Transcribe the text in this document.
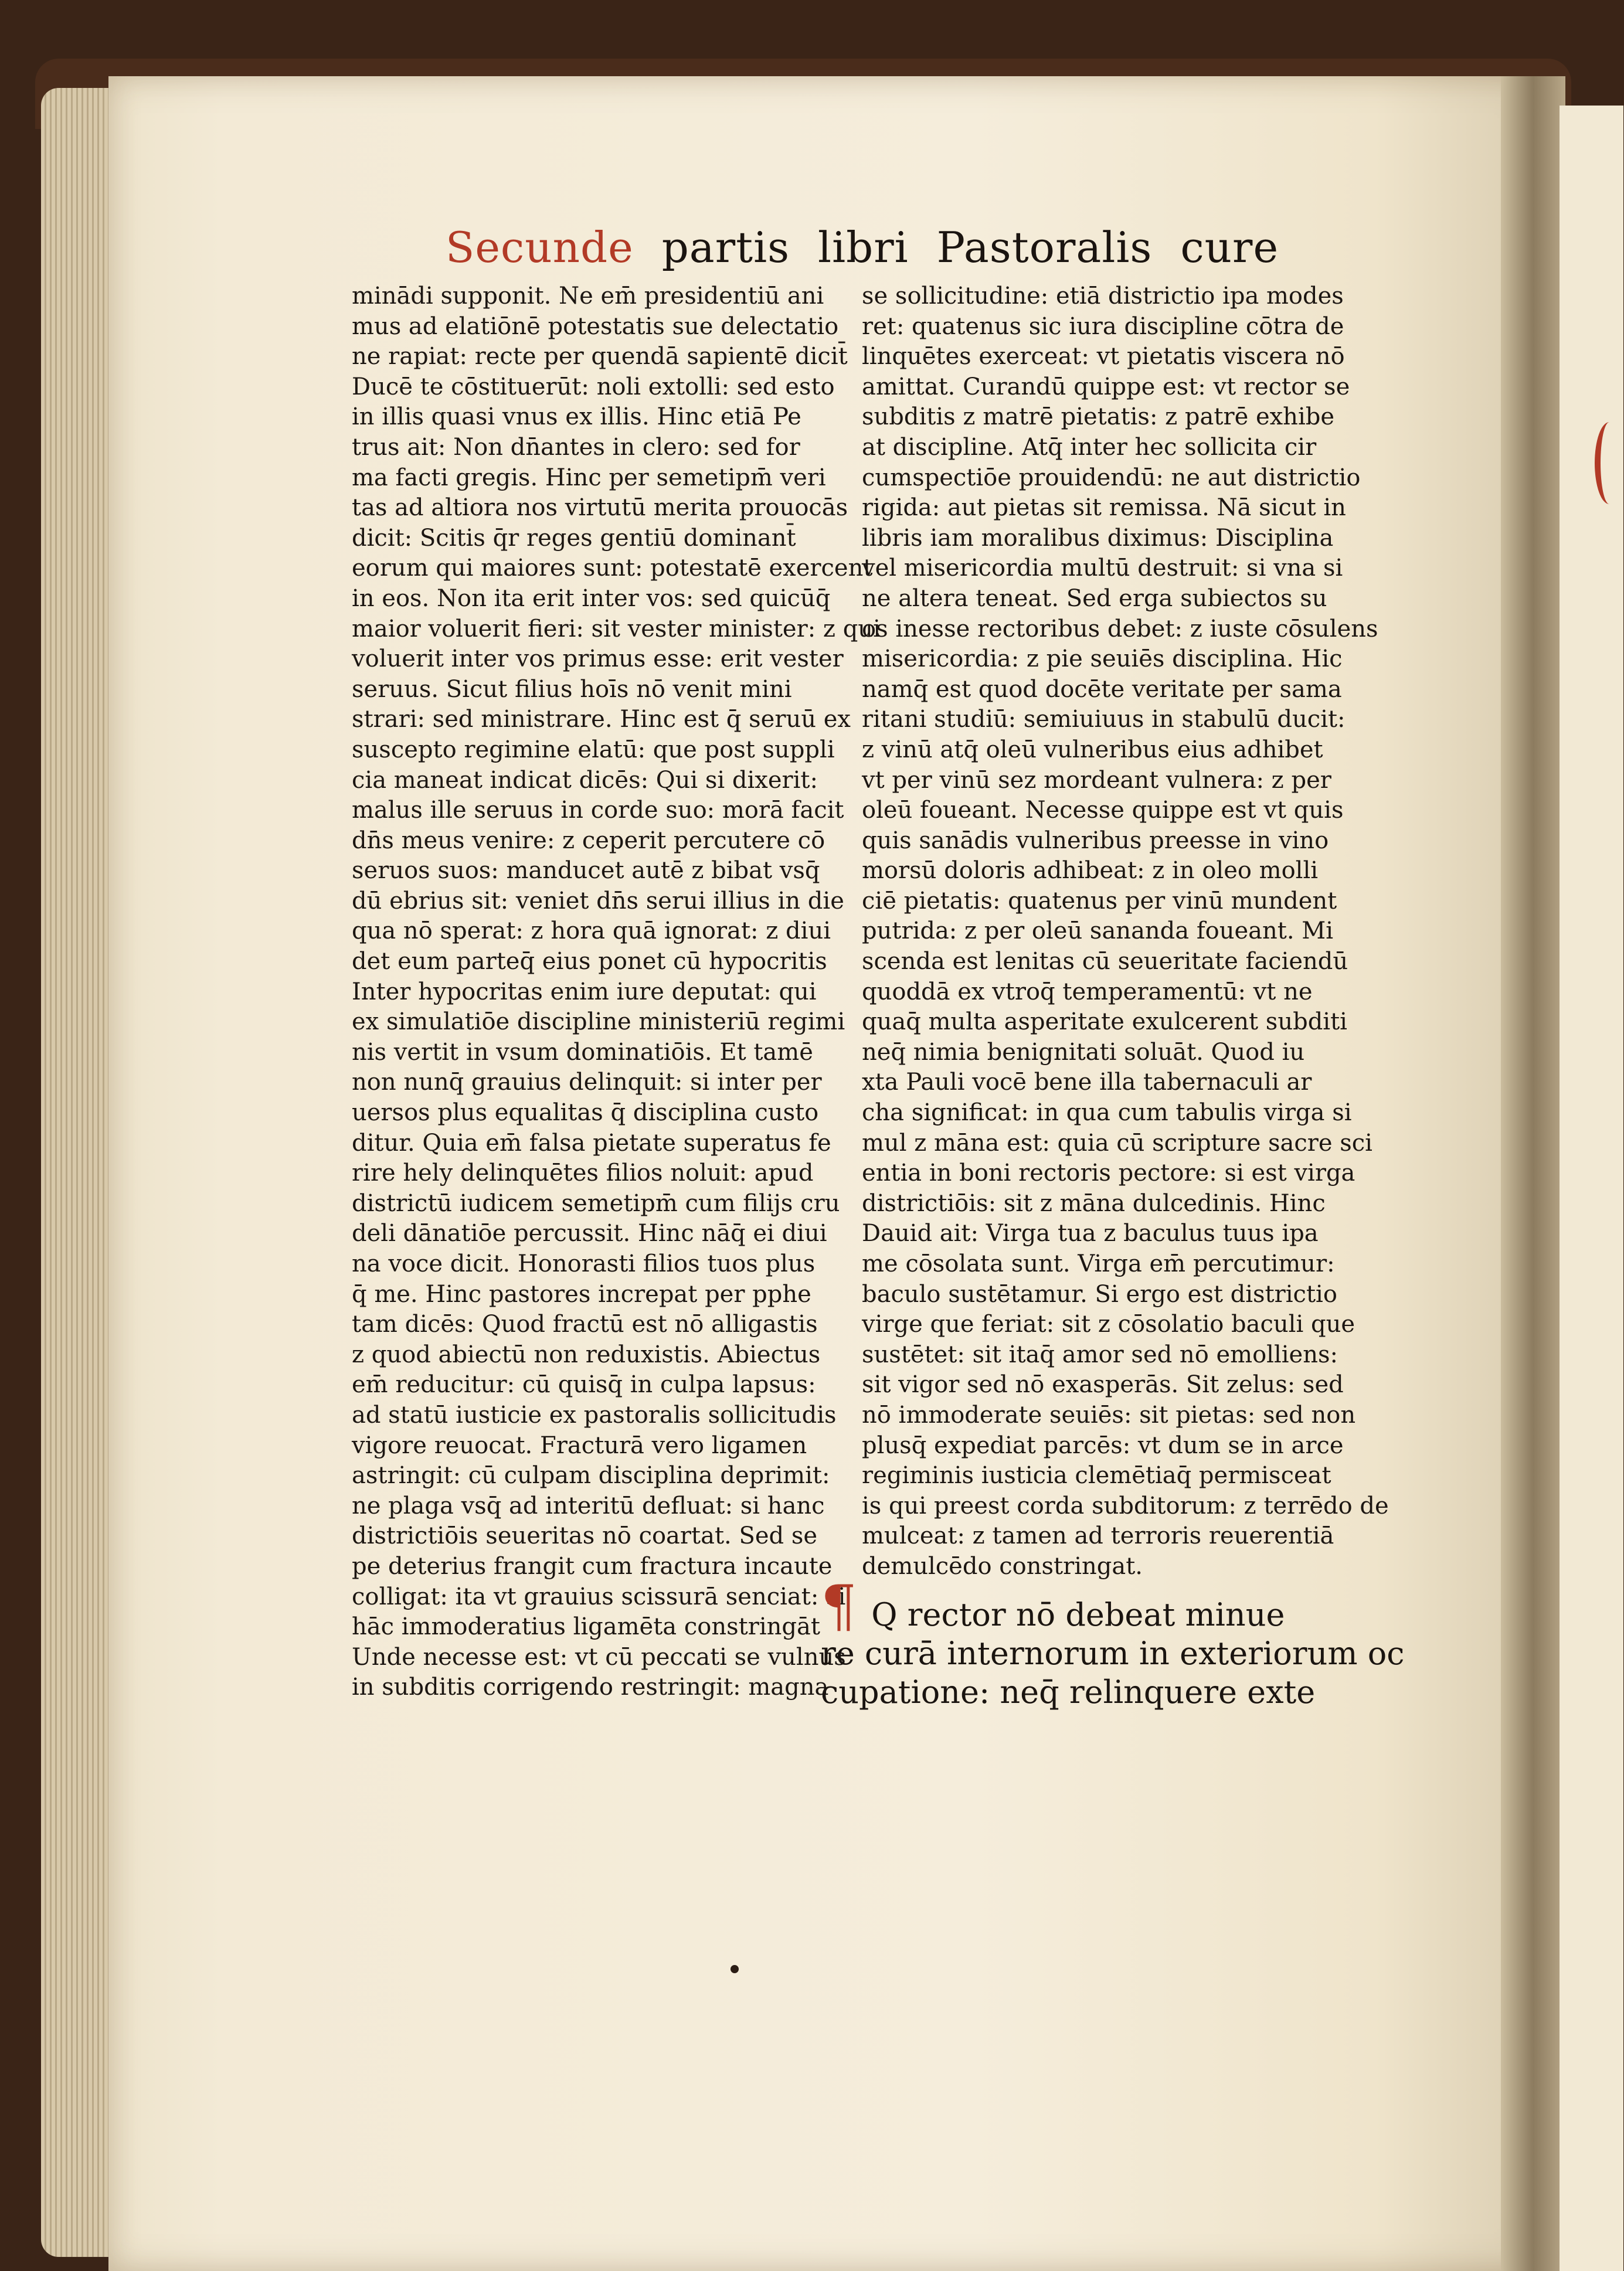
Secunde partis libri Pastoralis cure
minādi supponit. Ne em̄ presidentiū ani
mus ad elatiōnē potestatis sue delectatio
ne rapiat: recte per quendā sapientē dicit̄
Ducē te cōstituerūt: noli extolli: sed esto
in illis quasi vnus ex illis. Hinc etiā Pe
trus ait: Non dn̄antes in clero: sed for
ma facti gregis. Hinc per semetipm̄ veri
tas ad altiora nos virtutū merita prouocās
dicit: Scitis q̄r reges gentiū dominant̄
eorum qui maiores sunt: potestatē exercent
in eos. Non ita erit inter vos: sed quicūq̄
maior voluerit fieri: sit vester minister: z qui
voluerit inter vos primus esse: erit vester
seruus. Sicut filius hoīs nō venit mini
strari: sed ministrare. Hinc est q̄ seruū ex
suscepto regimine elatū: que post suppli
cia maneat indicat dicēs: Qui si dixerit:
malus ille seruus in corde suo: morā facit
dn̄s meus venire: z ceperit percutere cō
seruos suos: manducet autē z bibat vsq̄
dū ebrius sit: veniet dn̄s serui illius in die
qua nō sperat: z hora quā ignorat: z diui
det eum parteq̄ eius ponet cū hypocritis
Inter hypocritas enim iure deputat: qui
ex simulatiōe discipline ministeriū regimi
nis vertit in vsum dominatiōis. Et tamē
non nunq̄ grauius delinquit: si inter per
uersos plus equalitas q̄ disciplina custo
ditur. Quia em̄ falsa pietate superatus fe
rire hely delinquētes filios noluit: apud
districtū iudicem semetipm̄ cum filijs cru
deli dānatiōe percussit. Hinc nāq̄ ei diui
na voce dicit. Honorasti filios tuos plus
q̄ me. Hinc pastores increpat per pphe
tam dicēs: Quod fractū est nō alligastis
z quod abiectū non reduxistis. Abiectus
em̄ reducitur: cū quisq̄ in culpa lapsus:
ad statū iusticie ex pastoralis sollicitudis
vigore reuocat. Fracturā vero ligamen
astringit: cū culpam disciplina deprimit:
ne plaga vsq̄ ad interitū defluat: si hanc
districtiōis seueritas nō coartat. Sed se
pe deterius frangit cum fractura incaute
colligat: ita vt grauius scissurā senciat: si
hāc immoderatius ligamēta constringāt
Unde necesse est: vt cū peccati se vulnus
in subditis corrigendo restringit: magna
se sollicitudine: etiā districtio ipa modes
ret: quatenus sic iura discipline cōtra de
linquētes exerceat: vt pietatis viscera nō
amittat. Curandū quippe est: vt rector se
subditis z matrē pietatis: z patrē exhibe
at discipline. Atq̄ inter hec sollicita cir
cumspectiōe prouidendū: ne aut districtio
rigida: aut pietas sit remissa. Nā sicut in
libris iam moralibus diximus: Disciplina
vel misericordia multū destruit: si vna si
ne altera teneat. Sed erga subiectos su
os inesse rectoribus debet: z iuste cōsulens
misericordia: z pie seuiēs disciplina. Hic
namq̄ est quod docēte veritate per sama
ritani studiū: semiuiuus in stabulū ducit:
z vinū atq̄ oleū vulneribus eius adhibet
vt per vinū sez mordeant vulnera: z per
oleū foueant. Necesse quippe est vt quis
quis sanādis vulneribus preesse in vino
morsū doloris adhibeat: z in oleo molli
ciē pietatis: quatenus per vinū mundent
putrida: z per oleū sananda foueant. Mi
scenda est lenitas cū seueritate faciendū
quoddā ex vtroq̄ temperamentū: vt ne
quaq̄ multa asperitate exulcerent subditi
neq̄ nimia benignitati soluāt. Quod iu
xta Pauli vocē bene illa tabernaculi ar
cha significat: in qua cum tabulis virga si
mul z māna est: quia cū scripture sacre sci
entia in boni rectoris pectore: si est virga
districtiōis: sit z māna dulcedinis. Hinc
Dauid ait: Virga tua z baculus tuus ipa
me cōsolata sunt. Virga em̄ percutimur:
baculo sustētamur. Si ergo est districtio
virge que feriat: sit z cōsolatio baculi que
sustētet: sit itaq̄ amor sed nō emolliens:
sit vigor sed nō exasperās. Sit zelus: sed
nō immoderate seuiēs: sit pietas: sed non
plusq̄ expediat parcēs: vt dum se in arce
regiminis iusticia clemētiaq̄ permisceat
is qui preest corda subditorum: z terrēdo de
mulceat: z tamen ad terroris reuerentiā
demulcēdo constringat.
¶ Q rector nō debeat minue

re curā internorum in exteriorum oc
cupatione: neq̄ relinquere exte
